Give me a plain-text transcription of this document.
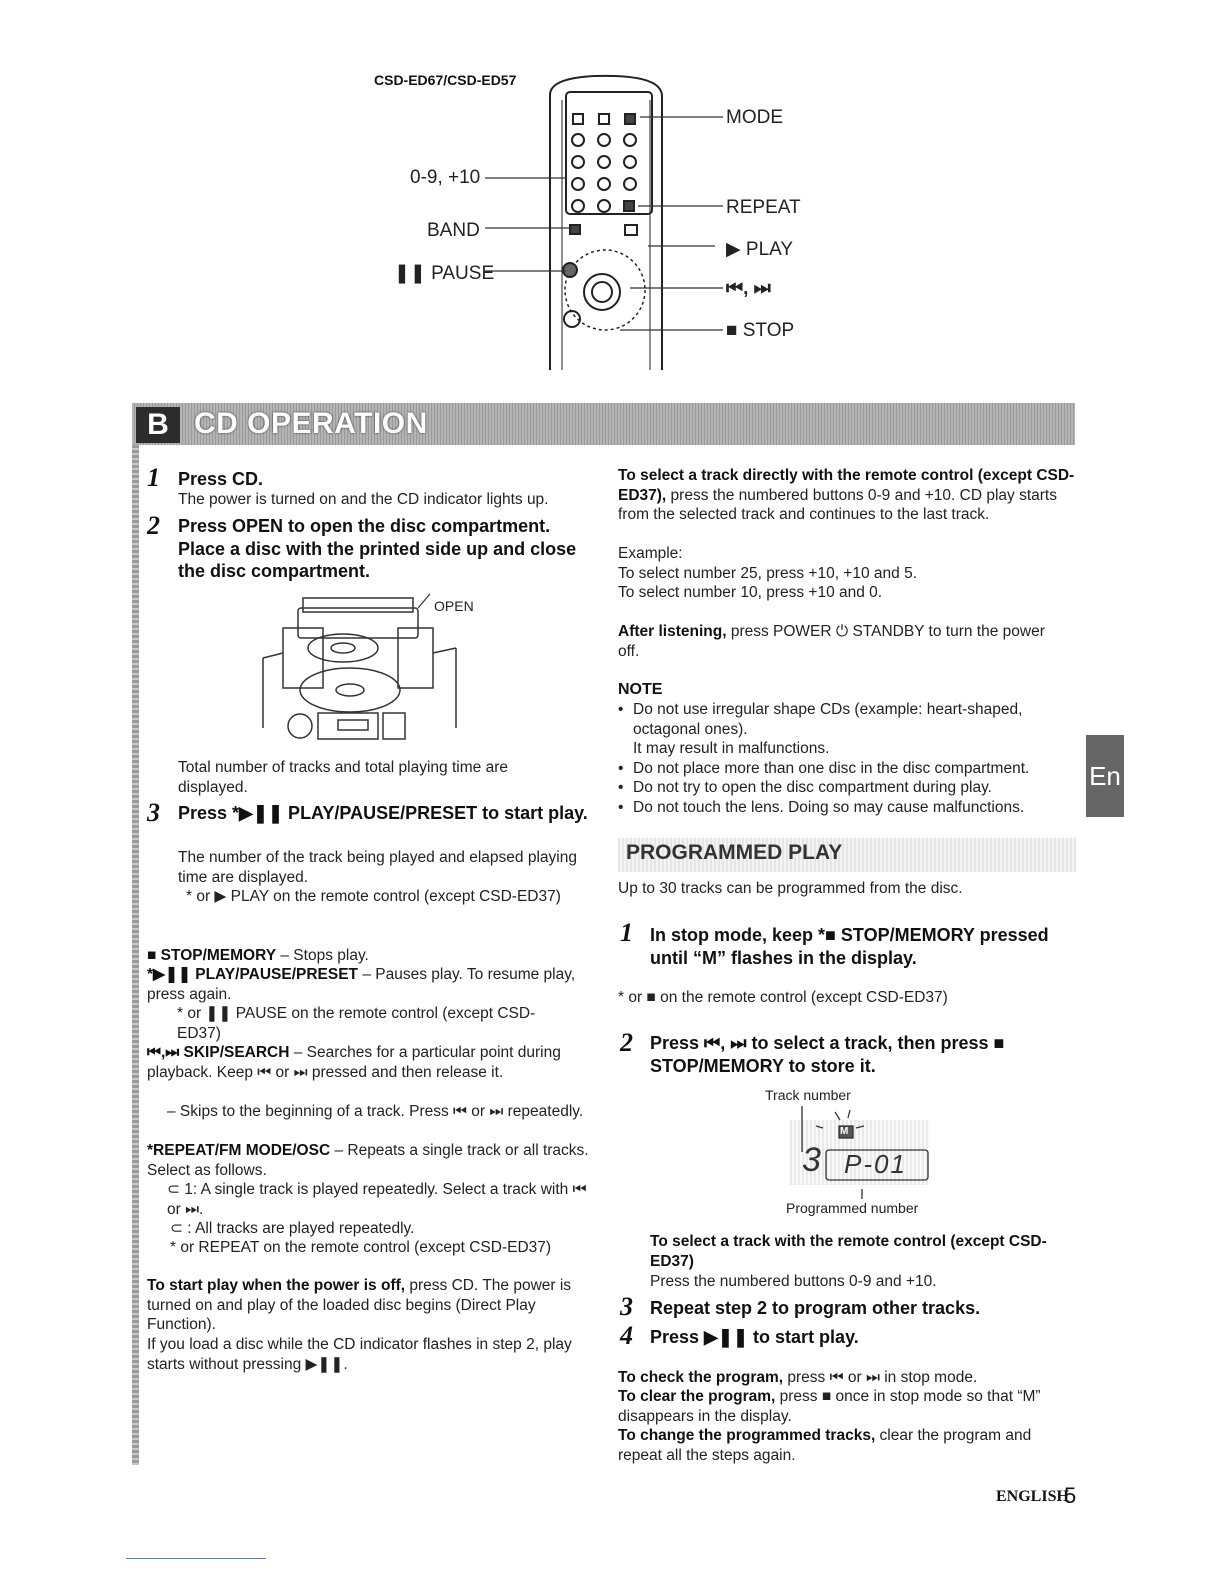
CSD-ED67/CSD-ED57
0-9, +10
BAND
❚❚ PAUSE
MODE
REPEAT
▶ PLAY
⏮, ⏭
■ STOP
B CD OPERATION
1 Press CD.
The power is turned on and the CD indicator lights up.
2 Press OPEN to open the disc compartment. Place a disc with the printed side up and close the disc compartment.
OPEN
Total number of tracks and total playing time are displayed.
3 Press *▶❚❚ PLAY/PAUSE/PRESET to start play.
The number of the track being played and elapsed playing time are displayed.
* or ▶ PLAY on the remote control (except CSD-ED37)
■ STOP/MEMORY – Stops play.
*▶❚❚ PLAY/PAUSE/PRESET – Pauses play. To resume play, press again.
* or ❚❚ PAUSE on the remote control (except CSD-ED37)
⏮,⏭ SKIP/SEARCH – Searches for a particular point during playback. Keep ⏮ or ⏭ pressed and then release it.
– Skips to the beginning of a track. Press ⏮ or ⏭ repeatedly.
*REPEAT/FM MODE/OSC – Repeats a single track or all tracks. Select as follows.
⊂ 1: A single track is played repeatedly. Select a track with ⏮ or ⏭.
⊂ : All tracks are played repeatedly.
* or REPEAT on the remote control (except CSD-ED37)
To start play when the power is off, press CD. The power is turned on and play of the loaded disc begins (Direct Play Function).
If you load a disc while the CD indicator flashes in step 2, play starts without pressing ▶❚❚.
To select a track directly with the remote control (except CSD-ED37), press the numbered buttons 0-9 and +10. CD play starts from the selected track and continues to the last track.
Example:
To select number 25, press +10, +10 and 5.
To select number 10, press +10 and 0.
After listening, press POWER ⏻ STANDBY to turn the power off.
NOTE
• Do not use irregular shape CDs (example: heart-shaped, octagonal ones).
It may result in malfunctions.
• Do not place more than one disc in the disc compartment.
• Do not try to open the disc compartment during play.
• Do not touch the lens. Doing so may cause malfunctions.
En
PROGRAMMED PLAY
Up to 30 tracks can be programmed from the disc.
1 In stop mode, keep *■ STOP/MEMORY pressed until “M” flashes in the display.
* or ■ on the remote control (except CSD-ED37)
2 Press ⏮, ⏭ to select a track, then press ■ STOP/MEMORY to store it.
Track number
Programmed number
3 P-01
M
To select a track with the remote control (except CSD-ED37)
Press the numbered buttons 0-9 and +10.
3 Repeat step 2 to program other tracks.
4 Press ▶❚❚ to start play.
To check the program, press ⏮ or ⏭ in stop mode.
To clear the program, press ■ once in stop mode so that “M” disappears in the display.
To change the programmed tracks, clear the program and repeat all the steps again.
ENGLISH
5
